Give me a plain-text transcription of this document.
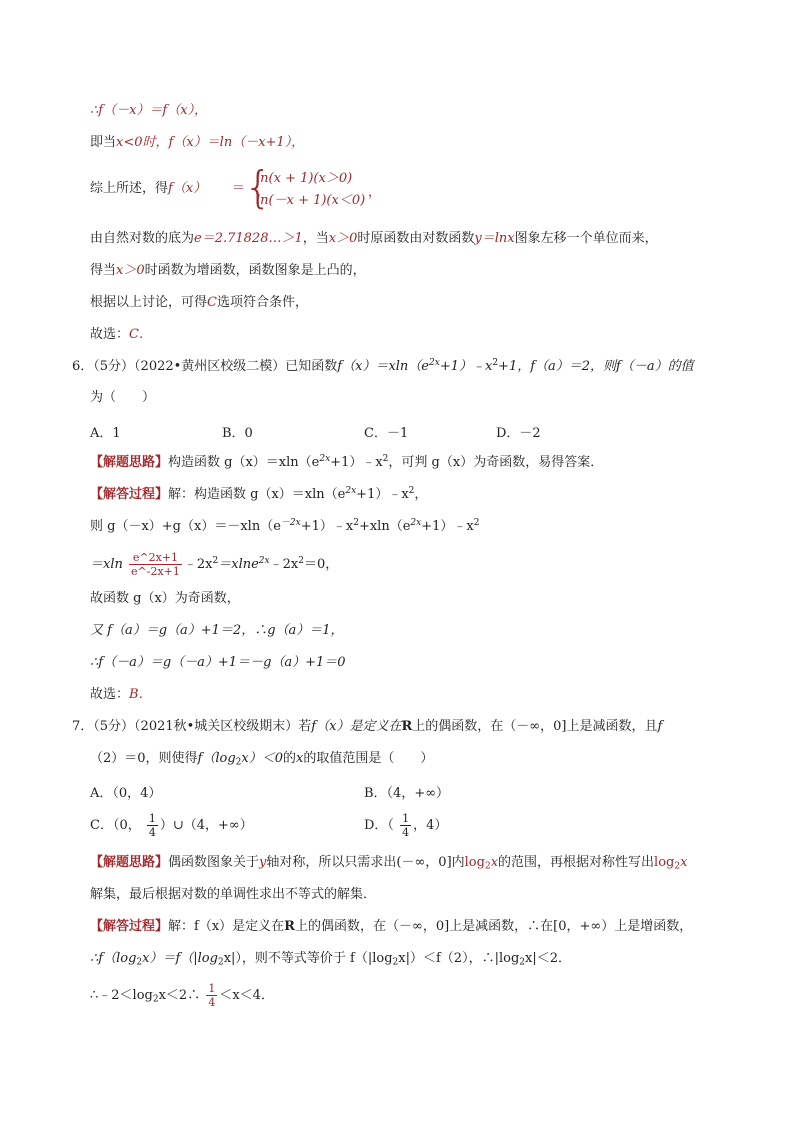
∴f（－x）＝f（x），
即当x<0时，f（x）＝ln（－x+1），
综上所述，得f（x） ＝
{
ln(x + 1)(x＞0)
ln(－x + 1)(x＜0)
，
由自然对数的底为e＝2.71828…＞1，当x＞0时原函数由对数函数y＝lnx图象左移一个单位而来，
得当x＞0时函数为增函数，函数图象是上凸的，
根据以上讨论，可得C选项符合条件，
故选：C．
6．（5分）（2022•黄州区校级二模）已知函数$f(x)=xln(e^{2x}+1)﹣x^2+1$，f（a）＝2，则f（－a）的值
为（　　）
A．1	B．0	C．－1	D．－2
【解题思路】构造函数 $g(x)=xln(e^{2x}+1)﹣x^2$，可判 g（x）为奇函数，易得答案．
【解答过程】解：构造函数 $g(x)=xln(e^{2x}+1)﹣x^2$，
则 $g(-x)+g(x)=-xln(e^{-2x}+1)﹣x^2+xln(e^{2x}+1)﹣x^2$
$=xln \frac{e\^{}2x+1}{e\^{}-2x+1}$ $﹣2x^2=xlne^{2x}﹣2x^2=0$，
故函数 g（x）为奇函数，
又 f（a）＝g（a）+1＝2，∴g（a）＝1，
∴f（－a）＝g（－a）+1＝－g（a）+1＝0
故选：B．
7．（5分）（2021秋•城关区校级期末）若f（x）是定义在R上的偶函数，在（－∞，0]上是减函数，且f
（2）＝0，则使得$f(\log_2x)<0$的x的取值范围是（　　）
A．（0，4）	B．（4，+∞）
C．（0， $\frac{1}{4}$ ）∪（4，+∞）	D．（ $\frac{1}{4}$ ，4）
【解题思路】偶函数图象关于y轴对称，所以只需求出(－∞，0]内$\log_2x$的范围，再根据对称性写出$\log_2x$
解集，最后根据对数的单调性求出不等式的解集．
【解答过程】解：f（x）是定义在R上的偶函数，在（－∞，0]上是减函数，∴在[0，+∞）上是增函数，
$\therefore f(\log_2x)=f(|\log_2x|)$，则不等式等价于 $f(|\log_2x|)<f(2)$，$\therefore|\log_2x|<2$．
$\therefore﹣2<\log_2x<2\therefore \frac{1}{4} <x<4$．
